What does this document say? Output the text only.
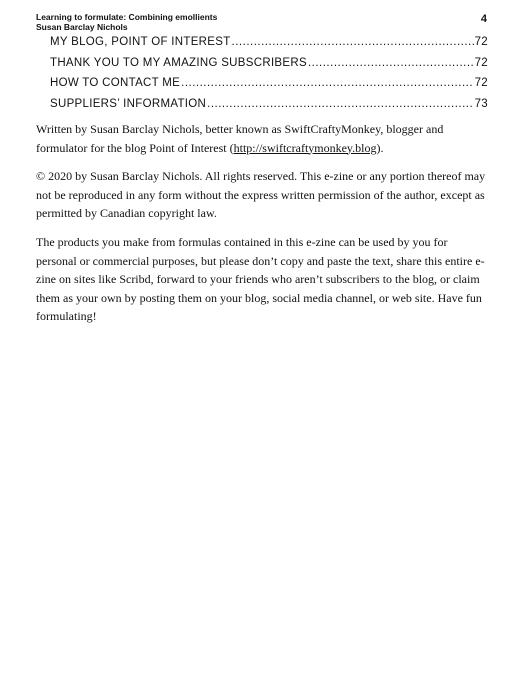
Learning to formulate: Combining emollients
Susan Barclay Nichols
4
MY BLOG, POINT OF INTEREST .....	72
THANK YOU TO MY AMAZING SUBSCRIBERS .....	72
HOW TO CONTACT ME .....	72
SUPPLIERS’ INFORMATION .....	73

Written by Susan Barclay Nichols, better known as SwiftCraftyMonkey, blogger and formulator for the blog Point of Interest (http://swiftcraftymonkey.blog).

© 2020 by Susan Barclay Nichols. All rights reserved. This e-zine or any portion thereof may not be reproduced in any form without the express written permission of the author, except as permitted by Canadian copyright law.

The products you make from formulas contained in this e-zine can be used by you for personal or commercial purposes, but please don’t copy and paste the text, share this entire e-zine on sites like Scribd, forward to your friends who aren’t subscribers to the blog, or claim them as your own by posting them on your blog, social media channel, or web site. Have fun formulating!
